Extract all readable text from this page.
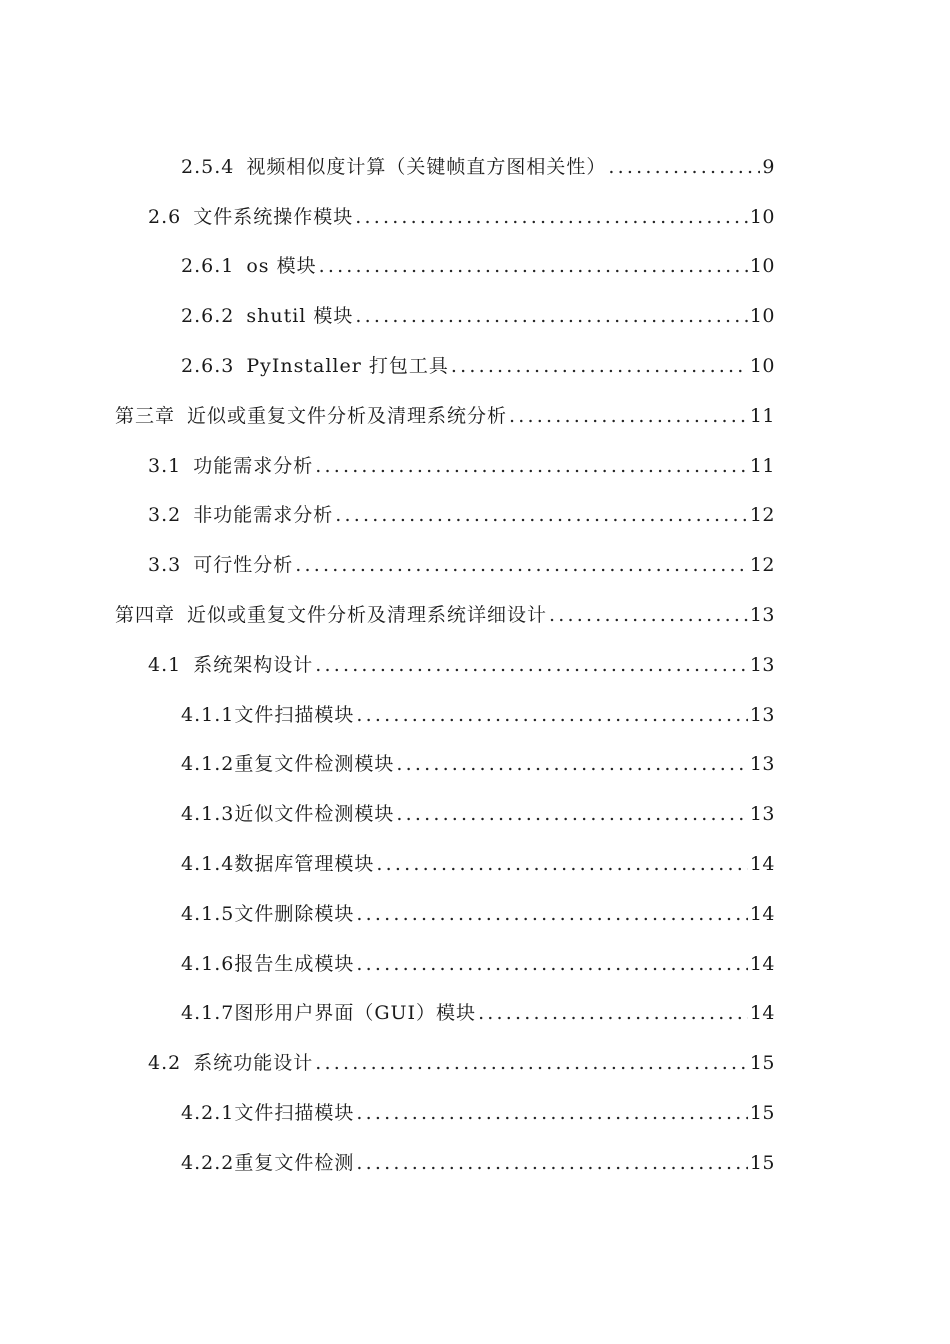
2.5.4 视频相似度计算（关键帧直方图相关性） .....	9
2.6 文件系统操作模块 .....	10
2.6.1 os 模块 .....	10
2.6.2 shutil 模块 .....	10
2.6.3 PyInstaller 打包工具 .....	10
第三章 近似或重复文件分析及清理系统分析 .....	11
3.1 功能需求分析 .....	11
3.2 非功能需求分析 .....	12
3.3 可行性分析 .....	12
第四章 近似或重复文件分析及清理系统详细设计 .....	13
4.1 系统架构设计 .....	13
4.1.1 文件扫描模块 .....	13
4.1.2 重复文件检测模块 .....	13
4.1.3 近似文件检测模块 .....	13
4.1.4 数据库管理模块 .....	14
4.1.5 文件删除模块 .....	14
4.1.6 报告生成模块 .....	14
4.1.7 图形用户界面（GUI）模块 .....	14
4.2 系统功能设计 .....	15
4.2.1 文件扫描模块 .....	15
4.2.2 重复文件检测 .....	15
